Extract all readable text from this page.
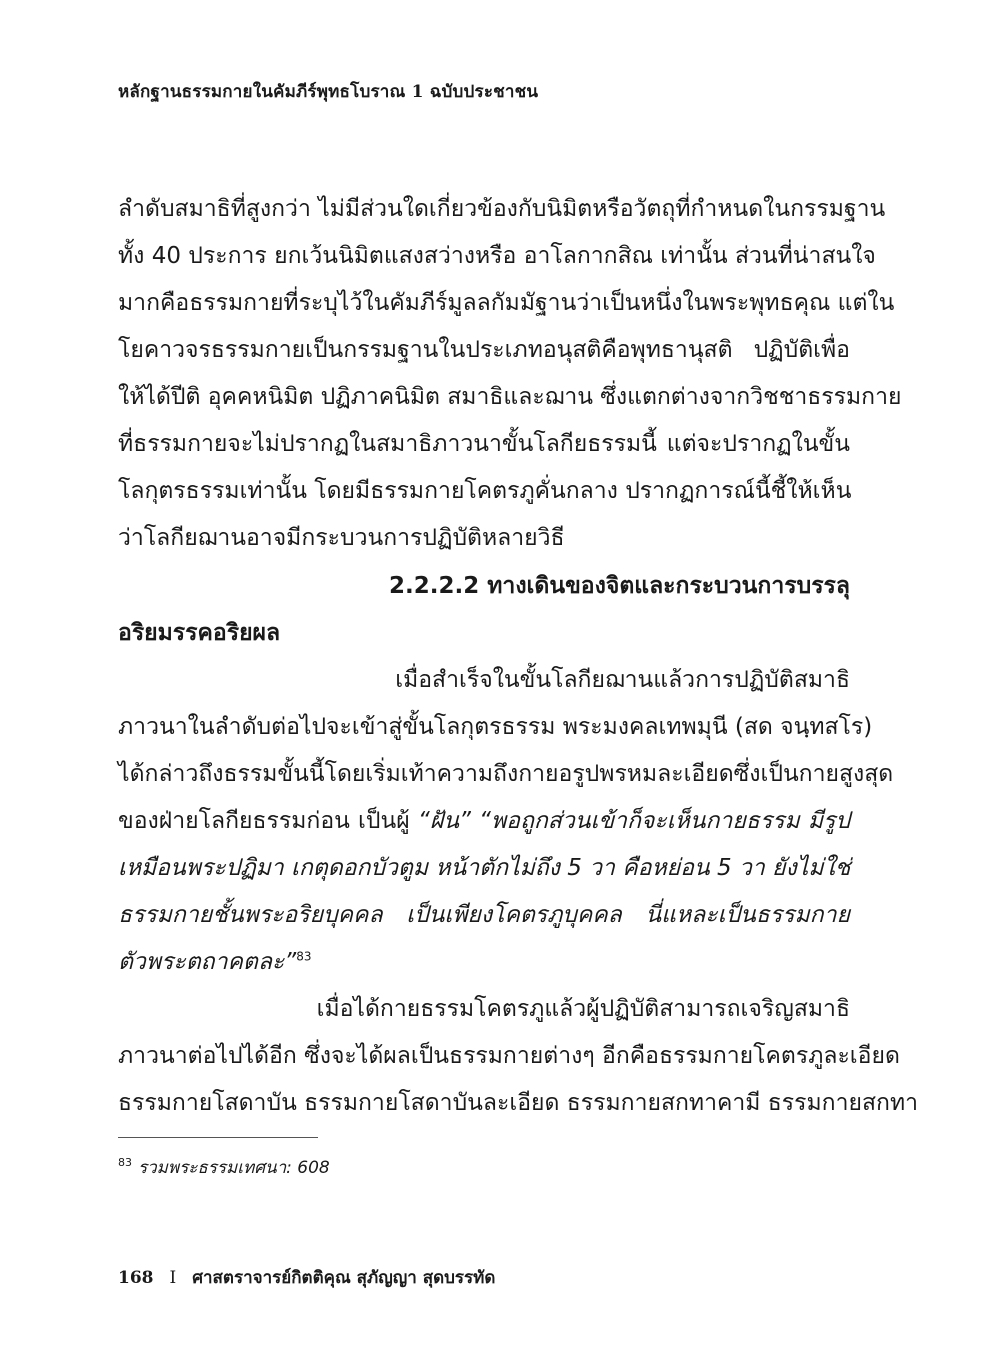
หลักฐานธรรมกายในคัมภีร์พุทธโบราณ 1 ฉบับประชาชน
ลำดับสมาธิที่สูงกว่า ไม่มีส่วนใดเกี่ยวข้องกับนิมิตหรือวัตถุที่กำหนดในกรรมฐาน
ทั้ง 40 ประการ ยกเว้นนิมิตแสงสว่างหรือ อาโลกากสิณ เท่านั้น ส่วนที่น่าสนใจ
มากคือธรรมกายที่ระบุไว้ในคัมภีร์มูลลกัมมัฐานว่าเป็นหนึ่งในพระพุทธคุณ แต่ใน
โยคาวจรธรรมกายเป็นกรรมฐานในประเภทอนุสติคือพุทธานุสติ ปฏิบัติเพื่อ
ให้ได้ปีติ อุคคหนิมิต ปฏิภาคนิมิต สมาธิและฌาน ซึ่งแตกต่างจากวิชชาธรรมกาย
ที่ธรรมกายจะไม่ปรากฏในสมาธิภาวนาขั้นโลกียธรรมนี้ แต่จะปรากฏในขั้น
โลกุตรธรรมเท่านั้น โดยมีธรรมกายโคตรภูคั่นกลาง ปรากฏการณ์นี้ชี้ให้เห็น
ว่าโลกียฌานอาจมีกระบวนการปฏิบัติหลายวิธี
2.2.2.2 ทางเดินของจิตและกระบวนการบรรลุ
อริยมรรคอริยผล
เมื่อสำเร็จในขั้นโลกียฌานแล้วการปฏิบัติสมาธิ
ภาวนาในลำดับต่อไปจะเข้าสู่ขั้นโลกุตรธรรม พระมงคลเทพมุนี (สด จนฺทสโร)
ได้กล่าวถึงธรรมขั้นนี้โดยเริ่มเท้าความถึงกายอรูปพรหมละเอียดซึ่งเป็นกายสูงสุด
ของฝ่ายโลกียธรรมก่อน เป็นผู้ “ฝัน” “พอถูกส่วนเข้าก็จะเห็นกายธรรม มีรูป
เหมือนพระปฏิมา เกตุดอกบัวตูม หน้าตักไม่ถึง 5 วา คือหย่อน 5 วา ยังไม่ใช่
ธรรมกายชั้นพระอริยบุคคล เป็นเพียงโคตรภูบุคคล นี่แหละเป็นธรรมกาย
ตัวพระตถาคตละ”$^{83}$
เมื่อได้กายธรรมโคตรภูแล้วผู้ปฏิบัติสามารถเจริญสมาธิ
ภาวนาต่อไปได้อีก ซึ่งจะได้ผลเป็นธรรมกายต่างๆ อีกคือธรรมกายโคตรภูละเอียด
ธรรมกายโสดาบัน ธรรมกายโสดาบันละเอียด ธรรมกายสกทาคามี ธรรมกายสกทา
$^{83}$ รวมพระธรรมเทศนา: 608
168 I ศาสตราจารย์กิตติคุณ สุภัญญา สุดบรรทัด
